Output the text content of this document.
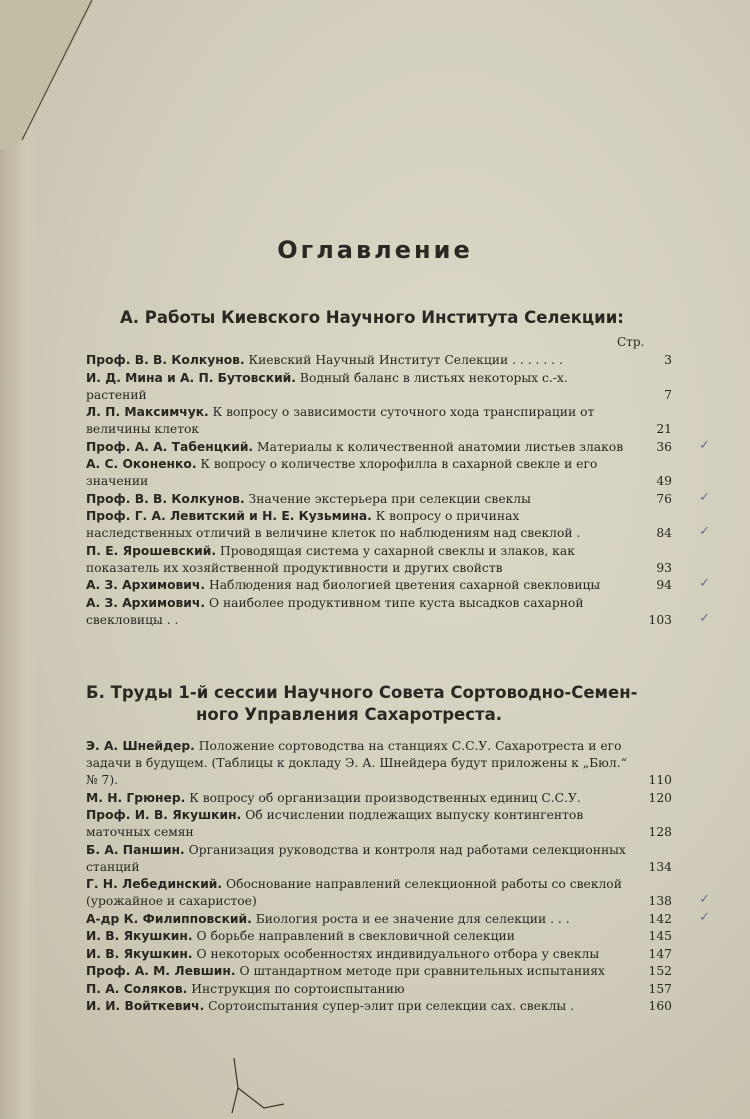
Оглавление

А. Работы Киевского Научного Института Селекции:

Стр.
Проф. В. В. Колкунов. Киевский Научный Институт Селекции . . . . . . .	3
И. Д. Мина и А. П. Бутовский. Водный баланс в листьях некоторых с.-х. растений	7
Л. П. Максимчук. К вопросу о зависимости суточного хода транспирации от величины клеток	21
Проф. А. А. Табенцкий. Материалы к количественной анатомии листьев злаков	36 ✓
А. С. Оконенко. К вопросу о количестве хлорофилла в сахарной свекле и его значении	49
Проф. В. В. Колкунов. Значение экстерьера при селекции свеклы	76 ✓
Проф. Г. А. Левитский и Н. Е. Кузьмина. К вопросу о причинах наследственных отличий в величине клеток по наблюдениям над свеклой .	84 ✓
П. Е. Ярошевский. Проводящая система у сахарной свеклы и злаков, как показатель их хозяйственной продуктивности и других свойств	93
А. З. Архимович. Наблюдения над биологией цветения сахарной свекловицы	94 ✓
А. З. Архимович. О наиболее продуктивном типе куста высадков сахарной свекловицы . .	103 ✓

Б. Труды 1-й сессии Научного Совета Сортоводно-Семен-

ного Управления Сахаротреста.

Э. А. Шнейдер. Положение сортоводства на станциях С.С.У. Сахаротреста и его задачи в будущем. (Таблицы к докладу Э. А. Шнейдера будут приложены к „Бюл.“ № 7).	110
М. Н. Грюнер. К вопросу об организации производственных единиц С.С.У.	120
Проф. И. В. Якушкин. Об исчислении подлежащих выпуску контингентов маточных семян	128
Б. А. Паншин. Организация руководства и контроля над работами селекционных станций	134
Г. Н. Лебединский. Обоснование направлений селекционной работы со свеклой (урожайное и сахаристое)	138 ✓
А-др К. Филипповский. Биология роста и ее значение для селекции . . .	142 ✓
И. В. Якушкин. О борьбе направлений в свекловичной селекции	145
И. В. Якушкин. О некоторых особенностях индивидуального отбора у свеклы	147
Проф. А. М. Левшин. О штандартном методе при сравнительных испытаниях	152
П. А. Соляков. Инструкция по сортоиспытанию	157
И. И. Войткевич. Сортоиспытания супер-элит при селекции сах. свеклы .	160
